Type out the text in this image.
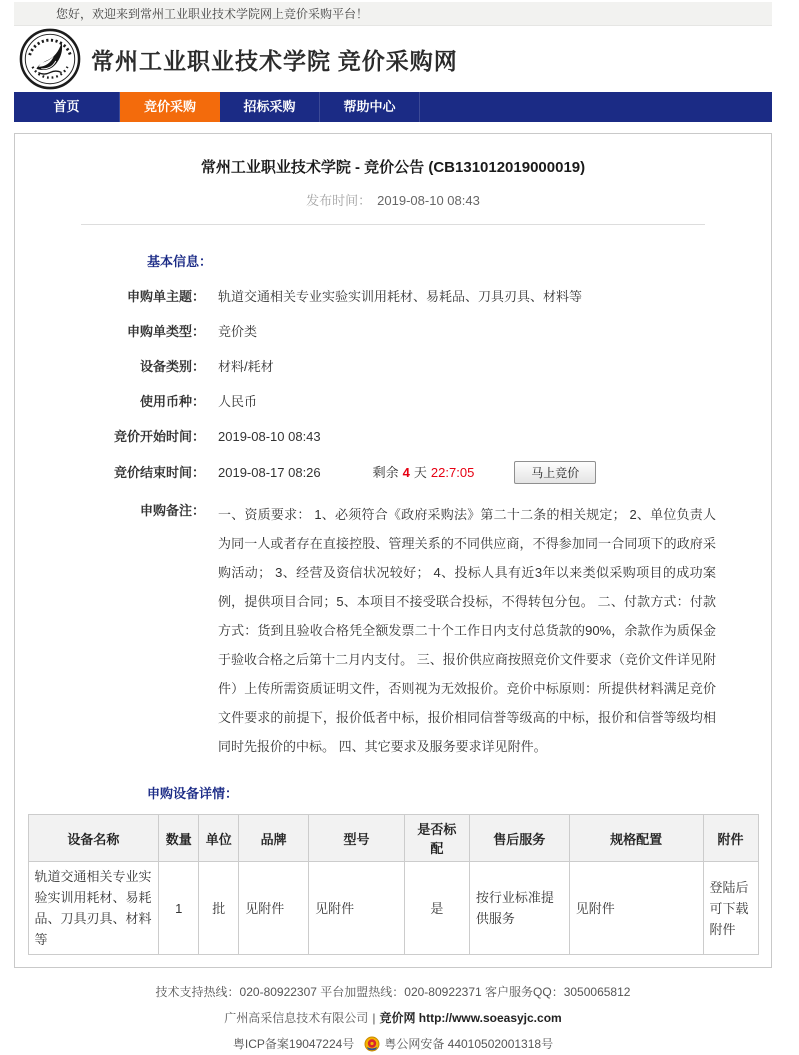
您好，欢迎来到常州工业职业技术学院网上竞价采购平台！
常州工业职业技术学院 竞价采购网
首页	竞价采购	招标采购	帮助中心
常州工业职业技术学院 - 竞价公告 (CB131012019000019)
发布时间： 2019-08-10 08:43
基本信息：
申购单主题： 轨道交通相关专业实验实训用耗材、易耗品、刀具刃具、材料等
申购单类型： 竞价类
设备类别： 材料/耗材
使用币种： 人民币
竞价开始时间： 2019-08-10 08:43
竞价结束时间： 2019-08-17 08:26	剩余 4 天 22:7:05	马上竞价
申购备注： 一、资质要求： 1、必须符合《政府采购法》第二十二条的相关规定； 2、单位负责人为同一人或者存在直接控股、管理关系的不同供应商，不得参加同一合同项下的政府采购活动； 3、经营及资信状况较好； 4、投标人具有近3年以来类似采购项目的成功案例，提供项目合同；5、本项目不接受联合投标，不得转包分包。 二、付款方式：付款方式：货到且验收合格凭全额发票二十个工作日内支付总货款的90%，余款作为质保金于验收合格之后第十二月内支付。 三、报价供应商按照竞价文件要求（竞价文件详见附件）上传所需资质证明文件，否则视为无效报价。竞价中标原则：所提供材料满足竞价文件要求的前提下，报价低者中标，报价相同信誉等级高的中标，报价和信誉等级均相同时先报价的中标。 四、其它要求及服务要求详见附件。

申购设备详情：
设备名称	数量	单位	品牌	型号	是否标配	售后服务	规格配置	附件
轨道交通相关专业实验实训用耗材、易耗品、刀具刃具、材料等	1	批	见附件	见附件	是	按行业标准提供服务	见附件	登陆后可下载附件

技术支持热线：020-80922307 平台加盟热线：020-80922371 客户服务QQ：3050065812

广州高采信息技术有限公司 | 竞价网 http://www.soeasyjc.com

粤ICP备案19047224号	粤公网安备 44010502001318号
